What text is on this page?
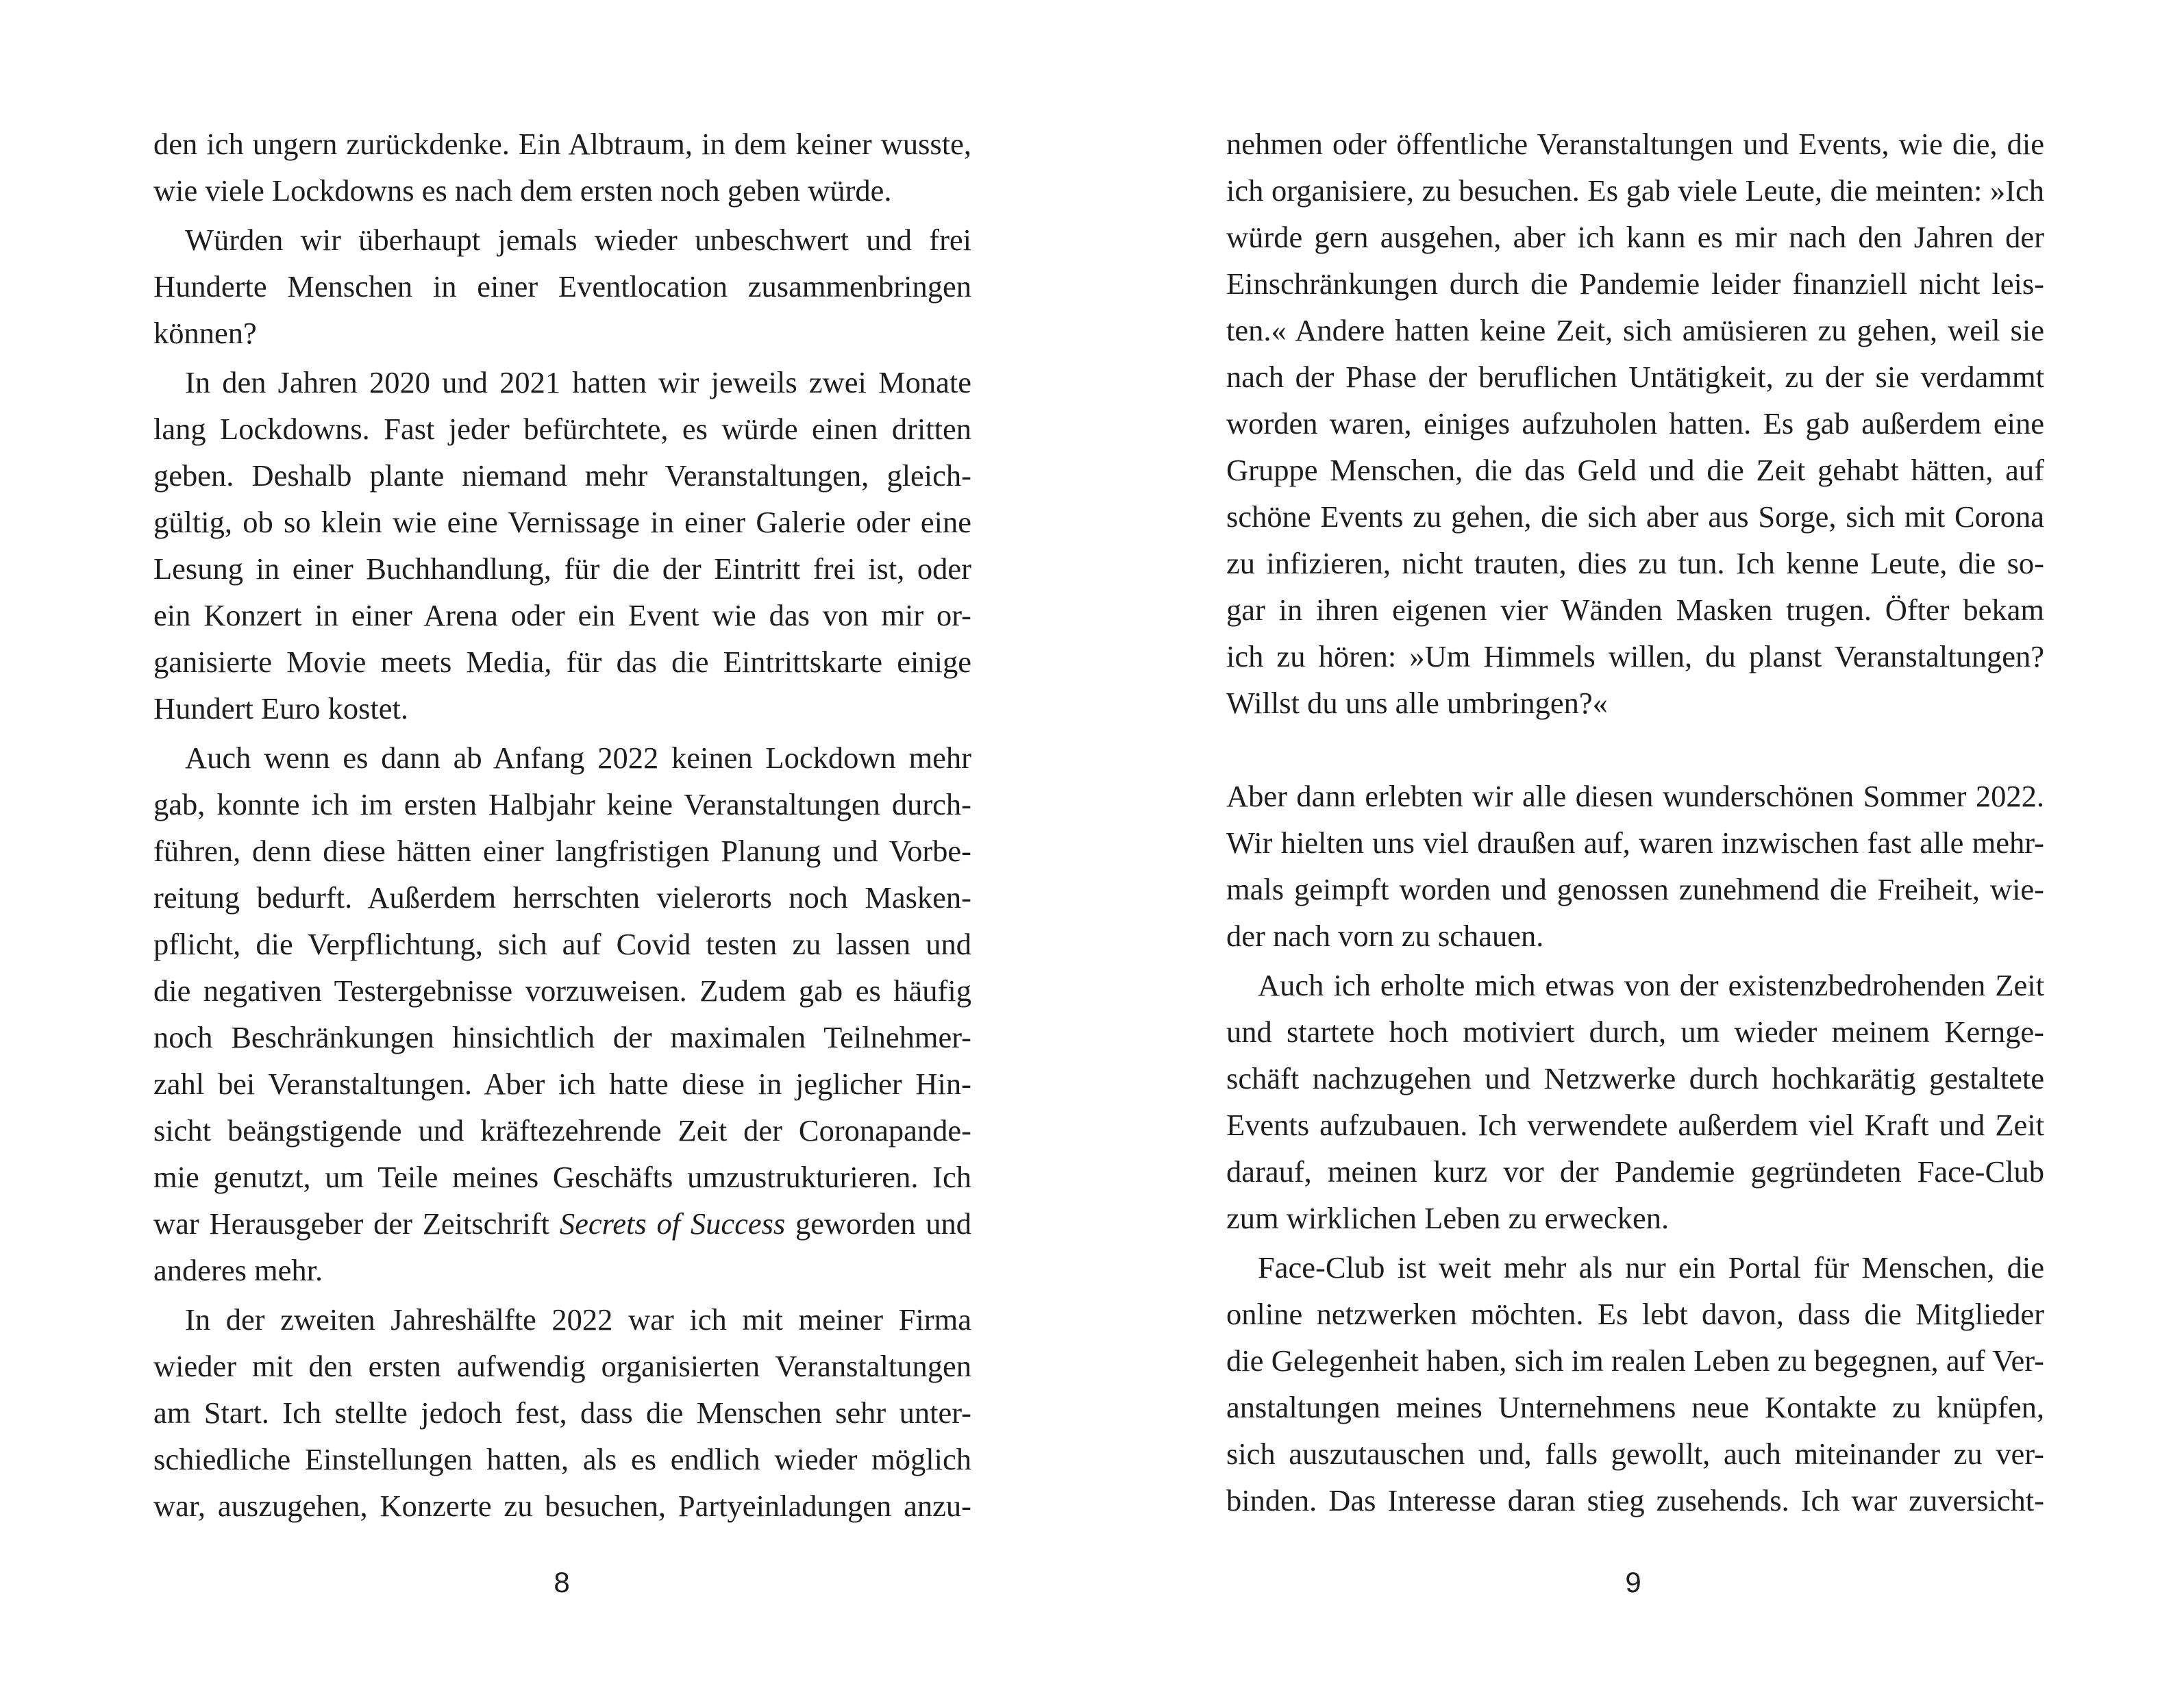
den ich ungern zurückdenke. Ein Albtraum, in dem keiner wusste,
wie viele Lockdowns es nach dem ersten noch geben würde.
Würden wir überhaupt jemals wieder unbeschwert und frei
Hunderte Menschen in einer Eventlocation zusammenbringen
können?
In den Jahren 2020 und 2021 hatten wir jeweils zwei Monate
lang Lockdowns. Fast jeder befürchtete, es würde einen dritten
geben. Deshalb plante niemand mehr Veranstaltungen, gleich-
gültig, ob so klein wie eine Vernissage in einer Galerie oder eine
Lesung in einer Buchhandlung, für die der Eintritt frei ist, oder
ein Konzert in einer Arena oder ein Event wie das von mir or-
ganisierte Movie meets Media, für das die Eintrittskarte einige
Hundert Euro kostet.
Auch wenn es dann ab Anfang 2022 keinen Lockdown mehr
gab, konnte ich im ersten Halbjahr keine Veranstaltungen durch-
führen, denn diese hätten einer langfristigen Planung und Vorbe-
reitung bedurft. Außerdem herrschten vielerorts noch Masken-
pflicht, die Verpflichtung, sich auf Covid testen zu lassen und
die negativen Testergebnisse vorzuweisen. Zudem gab es häufig
noch Beschränkungen hinsichtlich der maximalen Teilnehmer-
zahl bei Veranstaltungen. Aber ich hatte diese in jeglicher Hin-
sicht beängstigende und kräftezehrende Zeit der Coronapande-
mie genutzt, um Teile meines Geschäfts umzustrukturieren. Ich
war Herausgeber der Zeitschrift Secrets of Success geworden und
anderes mehr.
In der zweiten Jahreshälfte 2022 war ich mit meiner Firma
wieder mit den ersten aufwendig organisierten Veranstaltungen
am Start. Ich stellte jedoch fest, dass die Menschen sehr unter-
schiedliche Einstellungen hatten, als es endlich wieder möglich
war, auszugehen, Konzerte zu besuchen, Partyeinladungen anzu-
8
nehmen oder öffentliche Veranstaltungen und Events, wie die, die
ich organisiere, zu besuchen. Es gab viele Leute, die meinten: »Ich
würde gern ausgehen, aber ich kann es mir nach den Jahren der
Einschränkungen durch die Pandemie leider finanziell nicht leis-
ten.« Andere hatten keine Zeit, sich amüsieren zu gehen, weil sie
nach der Phase der beruflichen Untätigkeit, zu der sie verdammt
worden waren, einiges aufzuholen hatten. Es gab außerdem eine
Gruppe Menschen, die das Geld und die Zeit gehabt hätten, auf
schöne Events zu gehen, die sich aber aus Sorge, sich mit Corona
zu infizieren, nicht trauten, dies zu tun. Ich kenne Leute, die so-
gar in ihren eigenen vier Wänden Masken trugen. Öfter bekam
ich zu hören: »Um Himmels willen, du planst Veranstaltungen?
Willst du uns alle umbringen?«
Aber dann erlebten wir alle diesen wunderschönen Sommer 2022.
Wir hielten uns viel draußen auf, waren inzwischen fast alle mehr-
mals geimpft worden und genossen zunehmend die Freiheit, wie-
der nach vorn zu schauen.
Auch ich erholte mich etwas von der existenzbedrohenden Zeit
und startete hoch motiviert durch, um wieder meinem Kernge-
schäft nachzugehen und Netzwerke durch hochkarätig gestaltete
Events aufzubauen. Ich verwendete außerdem viel Kraft und Zeit
darauf, meinen kurz vor der Pandemie gegründeten Face-Club
zum wirklichen Leben zu erwecken.
Face-Club ist weit mehr als nur ein Portal für Menschen, die
online netzwerken möchten. Es lebt davon, dass die Mitglieder
die Gelegenheit haben, sich im realen Leben zu begegnen, auf Ver-
anstaltungen meines Unternehmens neue Kontakte zu knüpfen,
sich auszutauschen und, falls gewollt, auch miteinander zu ver-
binden. Das Interesse daran stieg zusehends. Ich war zuversicht-
9
